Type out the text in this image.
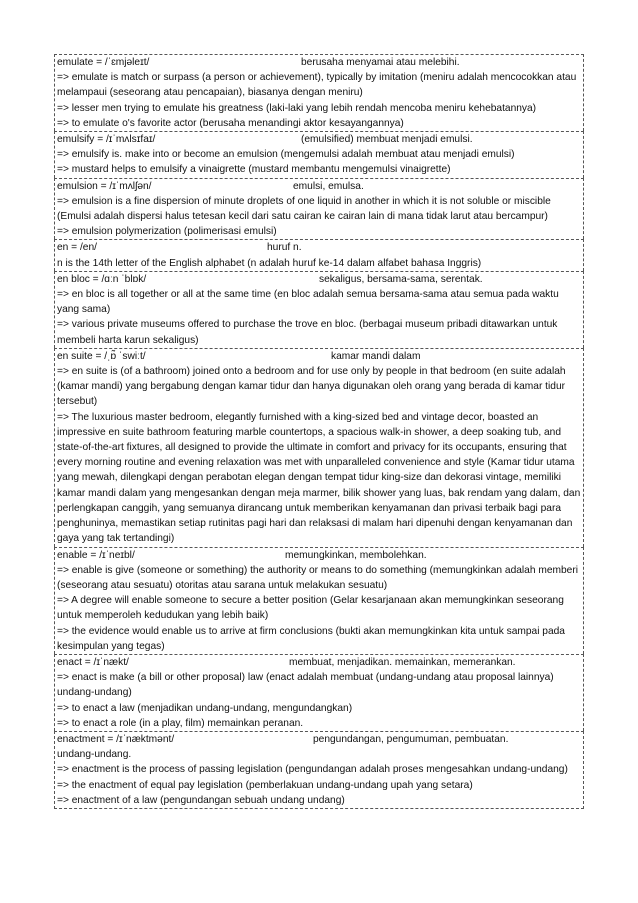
emulate = /ˈɛmjəleɪt/	berusaha menyamai atau melebihi.
=> emulate is match or surpass (a person or achievement), typically by imitation (meniru adalah mencocokkan atau melampaui (seseorang atau pencapaian), biasanya dengan meniru)
=> lesser men trying to emulate his greatness (laki-laki yang lebih rendah mencoba meniru kehebatannya)
=> to emulate o's favorite actor (berusaha menandingi aktor kesayangannya)
emulsify = /ɪˈmʌlsɪfaɪ/	(emulsified) membuat menjadi emulsi.
=> emulsify is. make into or become an emulsion (mengemulsi adalah membuat atau menjadi emulsi)
=> mustard helps to emulsify a vinaigrette (mustard membantu mengemulsi vinaigrette)
emulsion = /ɪˈmʌlʃən/	emulsi, emulsa.
=> emulsion is a fine dispersion of minute droplets of one liquid in another in which it is not soluble or miscible (Emulsi adalah dispersi halus tetesan kecil dari satu cairan ke cairan lain di mana tidak larut atau bercampur)
=> emulsion polymerization (polimerisasi emulsi)
en = /en/	huruf n.
n is the 14th letter of the English alphabet (n adalah huruf ke-14 dalam alfabet bahasa Inggris)
en bloc = /ɑːn ˈblɒk/	sekaligus, bersama-sama, serentak.
=> en bloc is all together or all at the same time (en bloc adalah semua bersama-sama atau semua pada waktu yang sama)
=> various private museums offered to purchase the trove en bloc. (berbagai museum pribadi ditawarkan untuk membeli harta karun sekaligus)
en suite = /ˌɒ̃ ˈswiːt/	kamar mandi dalam
=> en suite is (of a bathroom) joined onto a bedroom and for use only by people in that bedroom (en suite adalah (kamar mandi) yang bergabung dengan kamar tidur dan hanya digunakan oleh orang yang berada di kamar tidur tersebut)
=> The luxurious master bedroom, elegantly furnished with a king-sized bed and vintage decor, boasted an impressive en suite bathroom featuring marble countertops, a spacious walk-in shower, a deep soaking tub, and state-of-the-art fixtures, all designed to provide the ultimate in comfort and privacy for its occupants, ensuring that every morning routine and evening relaxation was met with unparalleled convenience and style (Kamar tidur utama yang mewah, dilengkapi dengan perabotan elegan dengan tempat tidur king-size dan dekorasi vintage, memiliki kamar mandi dalam yang mengesankan dengan meja marmer, bilik shower yang luas, bak rendam yang dalam, dan perlengkapan canggih, yang semuanya dirancang untuk memberikan kenyamanan dan privasi terbaik bagi para penghuninya, memastikan setiap rutinitas pagi hari dan relaksasi di malam hari dipenuhi dengan kenyamanan dan gaya yang tak tertandingi)
enable = /ɪˈneɪbl/	memungkinkan, membolehkan.
=> enable is give (someone or something) the authority or means to do something (memungkinkan adalah memberi (seseorang atau sesuatu) otoritas atau sarana untuk melakukan sesuatu)
=> A degree will enable someone to secure a better position (Gelar kesarjanaan akan memungkinkan seseorang untuk memperoleh kedudukan yang lebih baik)
=> the evidence would enable us to arrive at firm conclusions (bukti akan memungkinkan kita untuk sampai pada kesimpulan yang tegas)
enact = /ɪˈnækt/	membuat, menjadikan. memainkan, memerankan.
=> enact is make (a bill or other proposal) law (enact adalah membuat (undang-undang atau proposal lainnya) undang-undang)
=> to enact a law (menjadikan undang-undang, mengundangkan)
=> to enact a role (in a play, film) memainkan peranan.
enactment = /ɪˈnæktmənt/	pengundangan, pengumuman, pembuatan.
undang-undang.
=> enactment is the process of passing legislation (pengundangan adalah proses mengesahkan undang-undang)
=> the enactment of equal pay legislation (pemberlakuan undang-undang upah yang setara)
=> enactment of a law (pengundangan sebuah undang undang)
